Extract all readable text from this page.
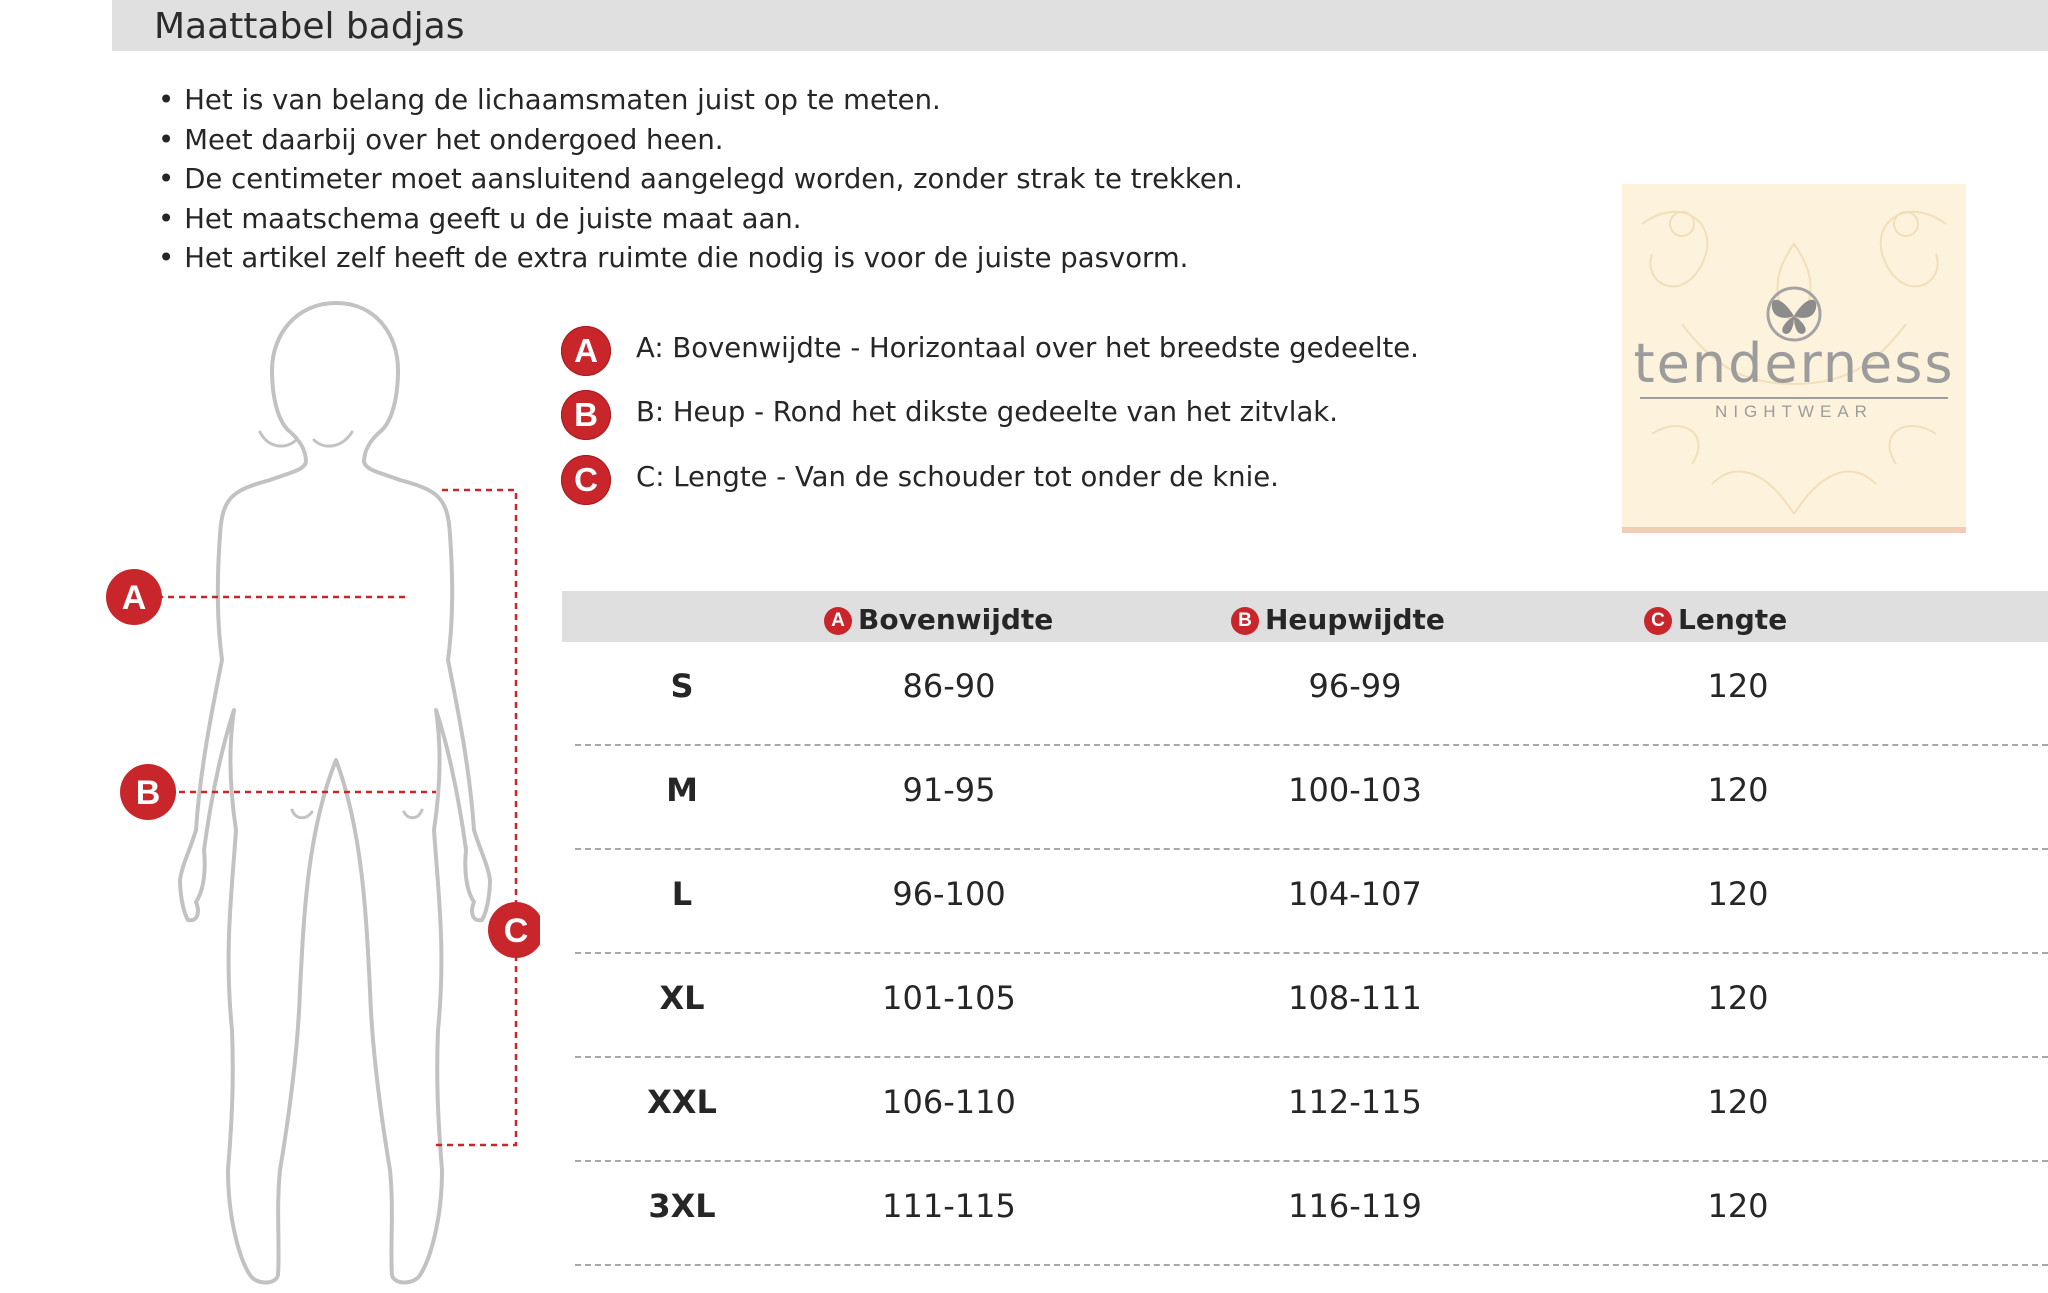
Maattabel badjas
• Het is van belang de lichaamsmaten juist op te meten.
• Meet daarbij over het ondergoed heen.
• De centimeter moet aansluitend aangelegd worden, zonder strak te trekken.
• Het maatschema geeft u de juiste maat aan.
• Het artikel zelf heeft de extra ruimte die nodig is voor de juiste pasvorm.
A
B
C
A	A: Bovenwijdte - Horizontaal over het breedste gedeelte.
B	B: Heup - Rond het dikste gedeelte van het zitvlak.
C	C: Lengte - Van de schouder tot onder de knie.
tenderness
NIGHTWEAR
A Bovenwijdte	B Heupwijdte	C Lengte
S	86-90	96-99	120
M	91-95	100-103	120
L	96-100	104-107	120
XL	101-105	108-111	120
XXL	106-110	112-115	120
3XL	111-115	116-119	120
